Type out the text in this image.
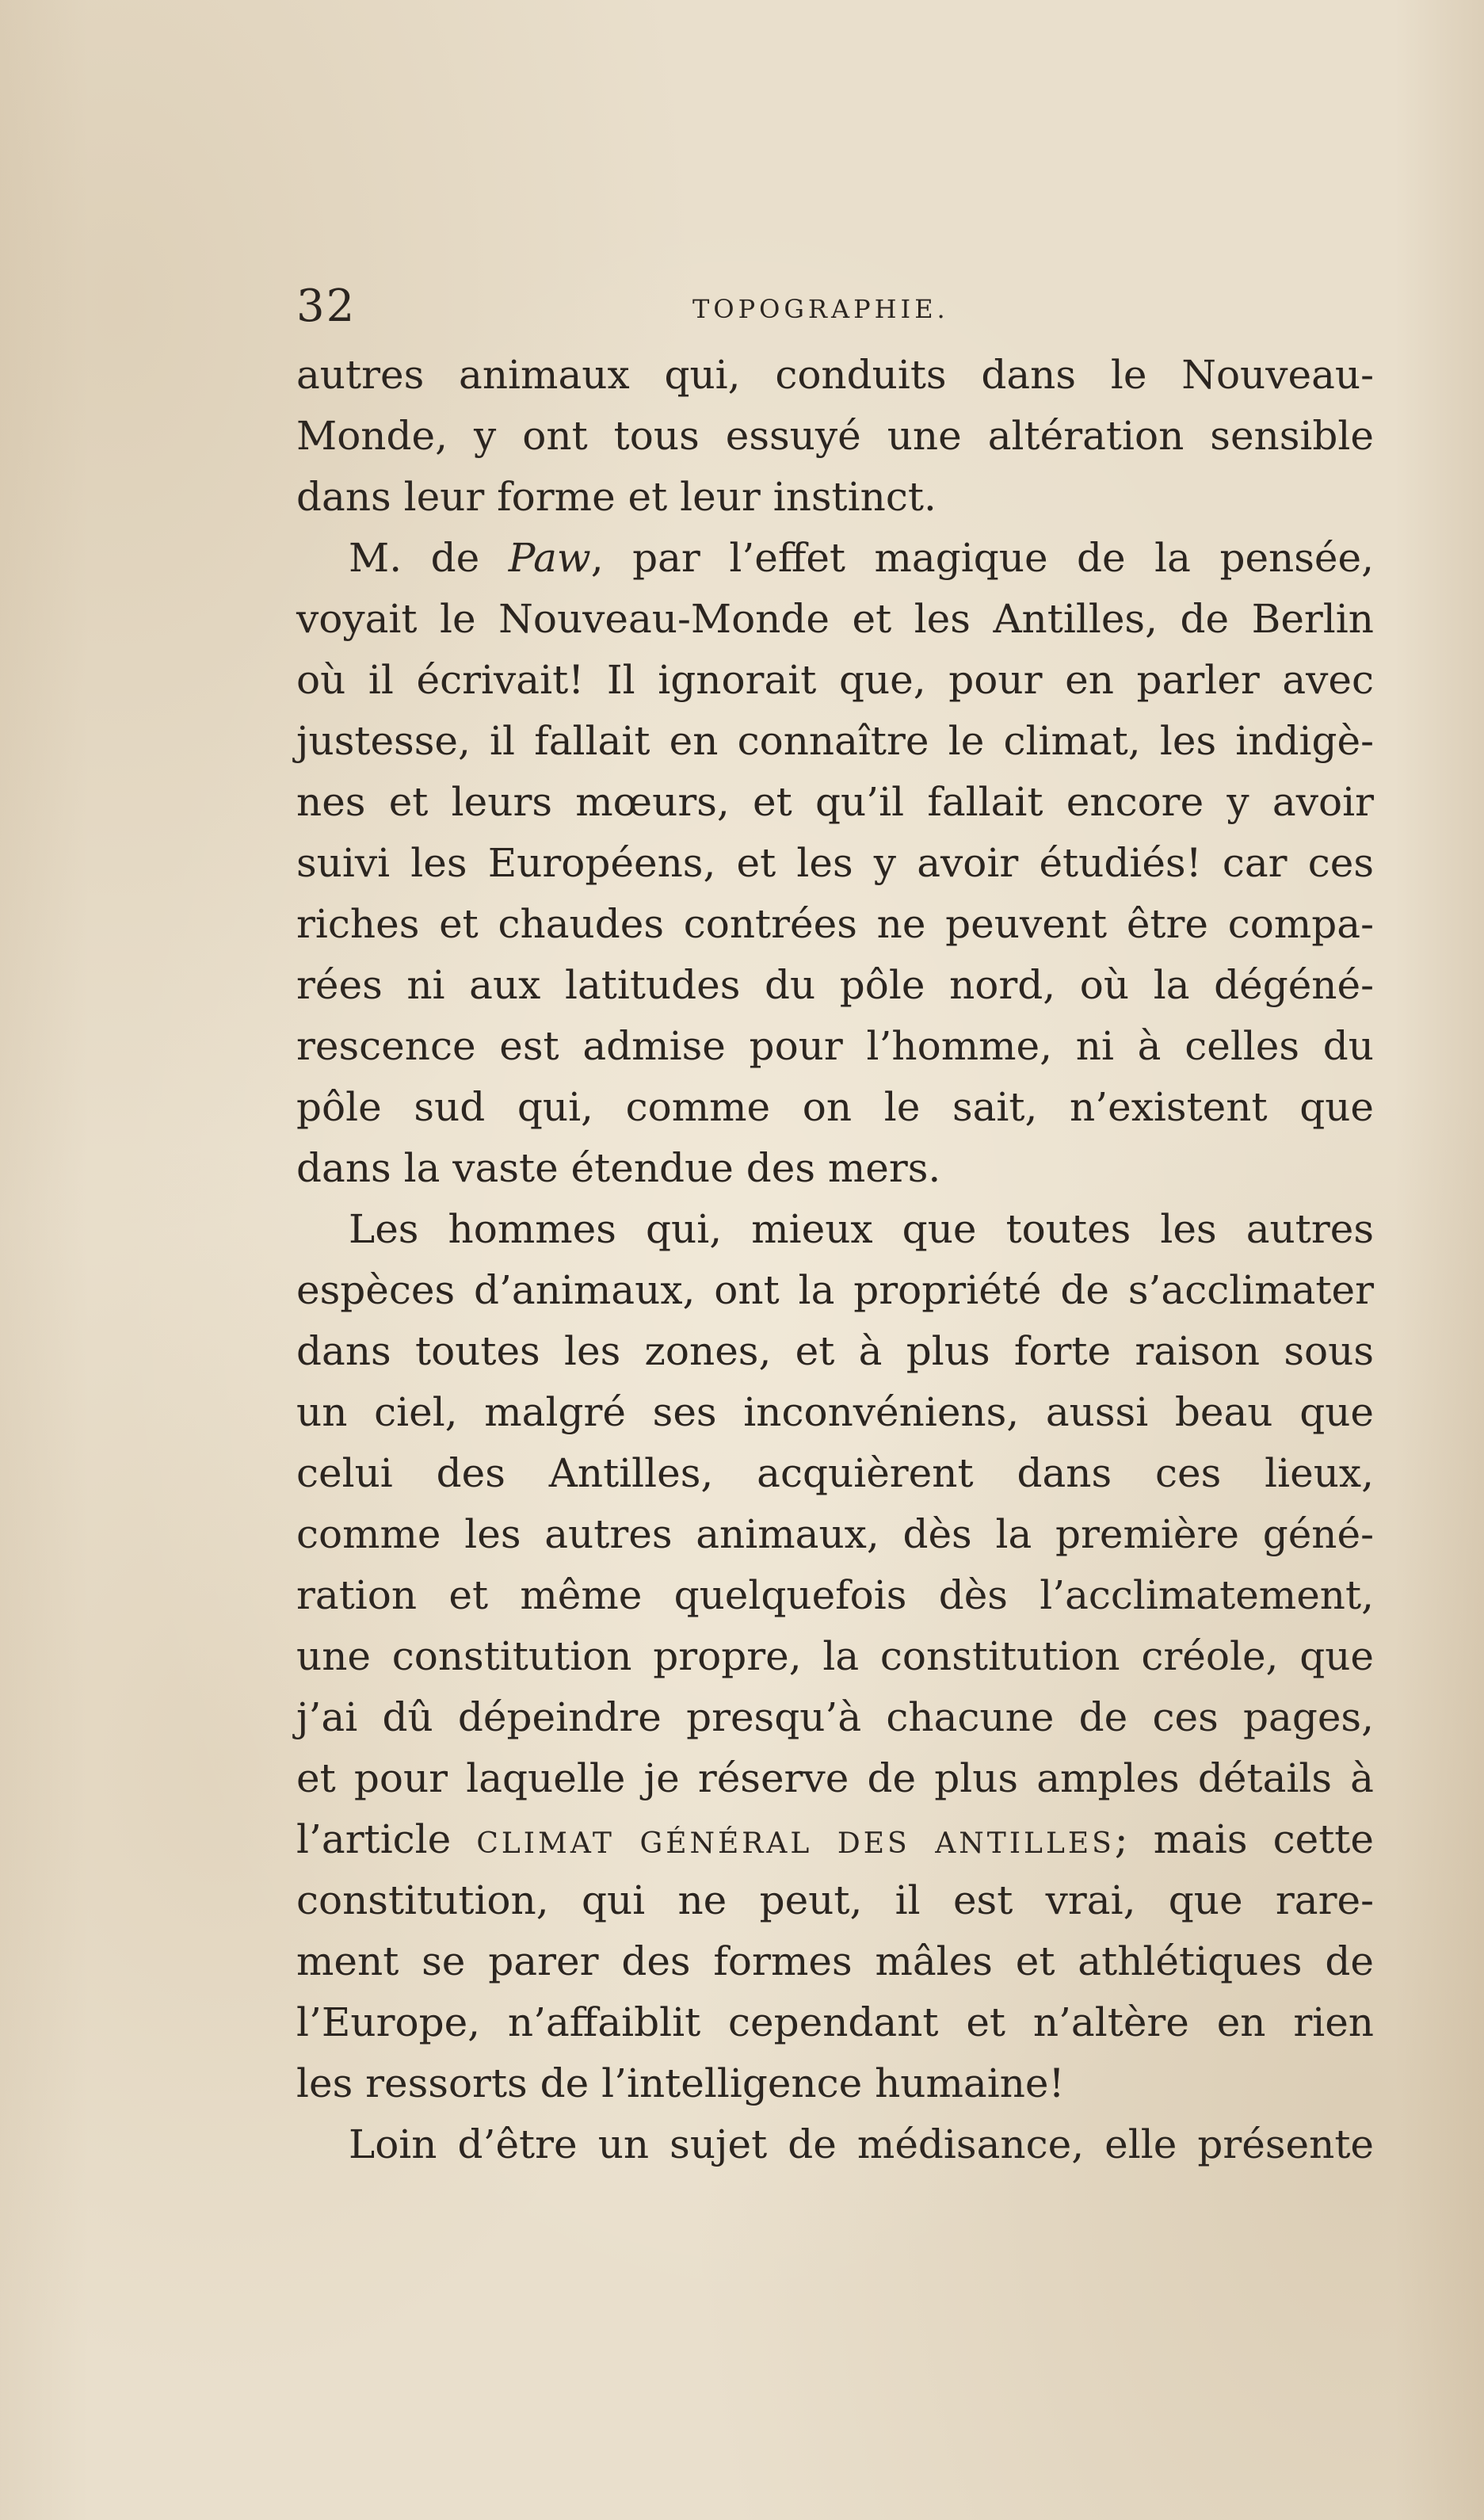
32	TOPOGRAPHIE.
autres animaux qui, conduits dans le Nouveau-
Monde, y ont tous essuyé une altération sensible
dans leur forme et leur instinct.
M. de Paw, par l’effet magique de la pensée,
voyait le Nouveau-Monde et les Antilles, de Berlin
où il écrivait! Il ignorait que, pour en parler avec
justesse, il fallait en connaître le climat, les indigè-
nes et leurs mœurs, et qu’il fallait encore y avoir
suivi les Européens, et les y avoir étudiés! car ces
riches et chaudes contrées ne peuvent être compa-
rées ni aux latitudes du pôle nord, où la dégéné-
rescence est admise pour l’homme, ni à celles du
pôle sud qui, comme on le sait, n’existent que
dans la vaste étendue des mers.
Les hommes qui, mieux que toutes les autres
espèces d’animaux, ont la propriété de s’acclimater
dans toutes les zones, et à plus forte raison sous
un ciel, malgré ses inconvéniens, aussi beau que
celui des Antilles, acquièrent dans ces lieux,
comme les autres animaux, dès la première géné-
ration et même quelquefois dès l’acclimatement,
une constitution propre, la constitution créole, que
j’ai dû dépeindre presqu’à chacune de ces pages,
et pour laquelle je réserve de plus amples détails à
l’article CLIMAT GÉNÉRAL DES ANTILLES; mais cette
constitution, qui ne peut, il est vrai, que rare-
ment se parer des formes mâles et athlétiques de
l’Europe, n’affaiblit cependant et n’altère en rien
les ressorts de l’intelligence humaine!
Loin d’être un sujet de médisance, elle présente
